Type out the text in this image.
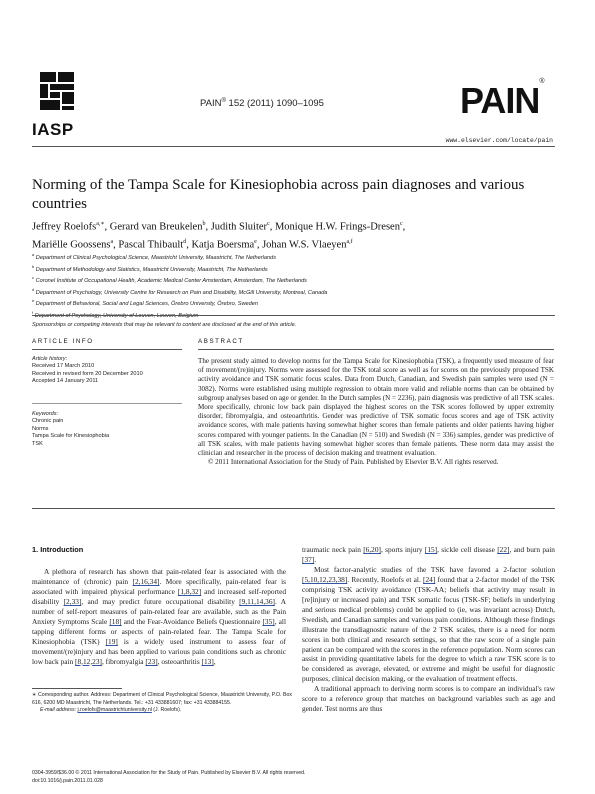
IASP
PAIN® 152 (2011) 1090–1095	PAIN®
www.elsevier.com/locate/pain
Norming of the Tampa Scale for Kinesiophobia across pain diagnoses and various countries
Jeffrey Roelofs$^{a,∗}$, Gerard van Breukelen$^b$, Judith Sluiter$^c$, Monique H.W. Frings-Dresen$^c$,
Mariëlle Goossens$^a$, Pascal Thibault$^d$, Katja Boersma$^e$, Johan W.S. Vlaeyen$^{a,f}$
$^a$ Department of Clinical Psychological Science, Maastricht University, Maastricht, The Netherlands
$^b$ Department of Methodology and Statistics, Maastricht University, Maastricht, The Netherlands
$^c$ Coronel Institute of Occupational Health, Academic Medical Center Amsterdam, Amsterdam, The Netherlands
$^d$ Department of Psychology, University Centre for Research on Pain and Disability, McGill University, Montreal, Canada
$^e$ Department of Behavioral, Social and Legal Sciences, Örebro University, Örebro, Sweden
$^f$ Department of Psychology, University of Leuven, Leuven, Belgium
Sponsorships or competing interests that may be relevant to content are disclosed at the end of this article.
ARTICLE INFO
Article history:
Received 17 March 2010
Received in revised form 20 December 2010
Accepted 14 January 2011
Keywords:
Chronic pain
Norms
Tampa Scale for Kinesiophobia
TSK
ABSTRACT
The present study aimed to develop norms for the Tampa Scale for Kinesiophobia (TSK), a frequently used measure of fear of movement/(re)injury. Norms were assessed for the TSK total score as well as for scores on the previously proposed TSK activity avoidance and TSK somatic focus scales. Data from Dutch, Canadian, and Swedish pain samples were used (N = 3082). Norms were established using multiple regression to obtain more valid and reliable norms than can be obtained by subgroup analyses based on age or gender. In the Dutch samples (N = 2236), pain diagnosis was predictive of all TSK scales. More specifically, chronic low back pain displayed the highest scores on the TSK scores followed by upper extremity disorder, fibromyalgia, and osteoarthritis. Gender was predictive of TSK somatic focus scores and age of TSK activity avoidance scores, with male patients having somewhat higher scores than female patients and older patients having higher scores compared with younger patients. In the Canadian (N = 510) and Swedish (N = 336) samples, gender was predictive of all TSK scales, with male patients having somewhat higher scores than female patients. These norm data may assist the clinician and researcher in the process of decision making and treatment evaluation.
© 2011 International Association for the Study of Pain. Published by Elsevier B.V. All rights reserved.
1. Introduction

A plethora of research has shown that pain-related fear is associated with the maintenance of (chronic) pain [2,16,34]. More specifically, pain-related fear is associated with impaired physical performance [1,8,32] and increased self-reported disability [2,33], and may predict future occupational disability [9,11,14,36]. A number of self-report measures of pain-related fear are available, such as the Pain Anxiety Symptoms Scale [18] and the Fear-Avoidance Beliefs Questionnaire [35], all tapping different forms or aspects of pain-related fear. The Tampa Scale for Kinesiophobia (TSK) [19] is a widely used instrument to assess fear of movement/(re)injury and has been applied to various pain conditions such as chronic low back pain [8,12,23], fibromyalgia [23], osteoarthritis [13],

traumatic neck pain [6,20], sports injury [15], sickle cell disease [22], and burn pain [37].

Most factor-analytic studies of the TSK have favored a 2-factor solution [5,10,12,23,38]. Recently, Roelofs et al. [24] found that a 2-factor model of the TSK comprising TSK activity avoidance (TSK-AA; beliefs that activity may result in [re]injury or increased pain) and TSK somatic focus (TSK-SF; beliefs in underlying and serious medical problems) could be applied to (ie, was invariant across) Dutch, Swedish, and Canadian samples and various pain conditions. Although these findings illustrate the transdiagnostic nature of the 2 TSK scales, there is a need for norm scores in both clinical and research settings, so that the raw score of a single pain patient can be compared with the scores in the reference population. Norm scores can assist in providing quantitative labels for the degree to which a raw TSK score is to be considered as average, elevated, or extreme and might be useful for diagnostic purposes, clinical decision making, or the evaluation of treatment effects.

A traditional approach to deriving norm scores is to compare an individual's raw score to a reference group that matches on background variables such as age and gender. Test norms are thus

∗ Corresponding author. Address: Department of Clinical Psychological Science, Maastricht University, P.O. Box 616, 6200 MD Maastricht, The Netherlands. Tel.: +31 433881607; fax: +31 433884155.
E-mail address: j.roelofs@maastrichtuniversity.nl (J. Roelofs).
0304-3959/$36.00 © 2011 International Association for the Study of Pain. Published by Elsevier B.V. All rights reserved.
doi:10.1016/j.pain.2011.01.028
